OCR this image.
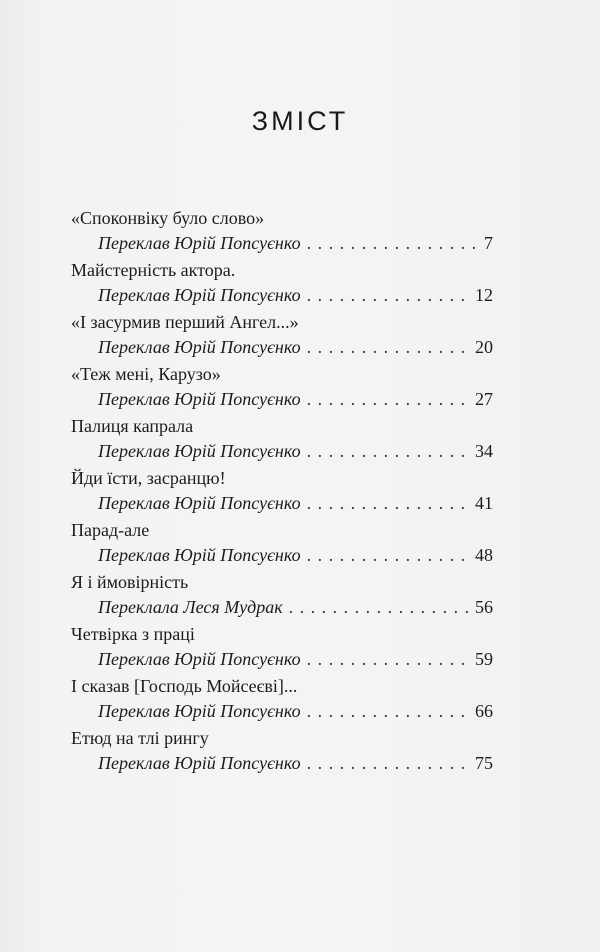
ЗМІСТ
«Споконвіку було слово»
Переклав Юрій Попсуєнко . . .	7
Майстерність актора.
Переклав Юрій Попсуєнко . . .	12
«І засурмив перший Ангел...»
Переклав Юрій Попсуєнко . . .	20
«Теж мені, Карузо»
Переклав Юрій Попсуєнко . . .	27
Палиця капрала
Переклав Юрій Попсуєнко . . .	34
Йди їсти, засранцю!
Переклав Юрій Попсуєнко . . .	41
Парад-але
Переклав Юрій Попсуєнко . . .	48
Я і ймовірність
Переклала Леся Мудрак . . .	56
Четвірка з праці
Переклав Юрій Попсуєнко . . .	59
І сказав [Господь Мойсеєві]...
Переклав Юрій Попсуєнко . . .	66
Етюд на тлі рингу
Переклав Юрій Попсуєнко . . .	75
